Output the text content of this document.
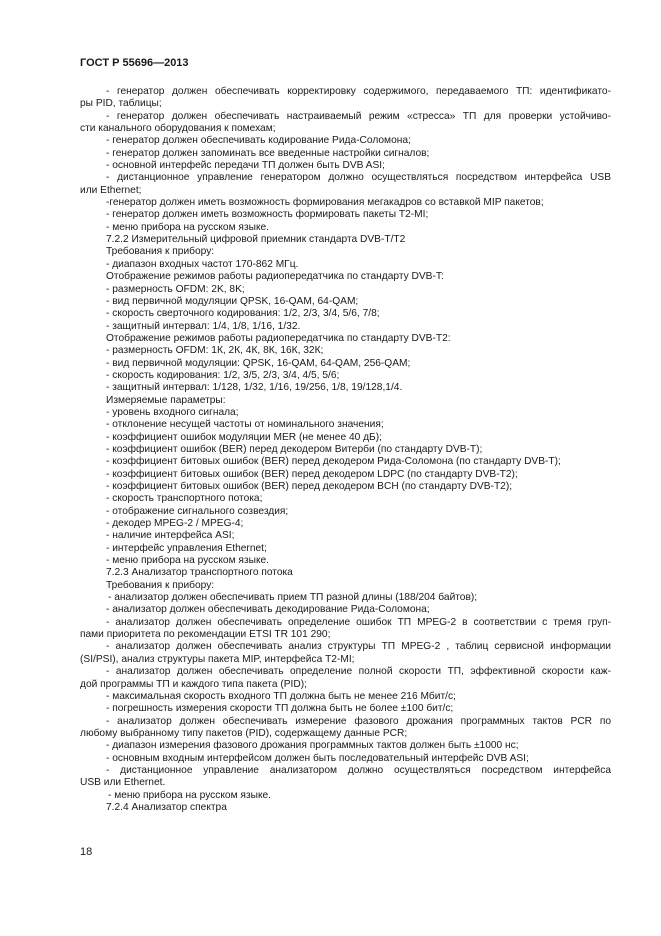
ГОСТ Р 55696—2013
- генератор должен обеспечивать корректировку содержимого, передаваемого ТП: идентификато-
ры PID, таблицы;
- генератор должен обеспечивать настраиваемый режим «стресса» ТП для проверки устойчиво-
сти канального оборудования к помехам;
- генератор должен обеспечивать кодирование Рида-Соломона;
- генератор должен запоминать все введенные настройки сигналов;
- основной интерфейс передачи ТП должен быть DVB ASI;
- дистанционное управление генератором должно осуществляться посредством интерфейса USB
или Ethernet;
-генератор должен иметь возможность формирования мегакадров со вставкой MIP пакетов;
- генератор должен иметь возможность формировать пакеты T2-MI;
- меню прибора на русском языке.
7.2.2 Измерительный цифровой приемник стандарта DVB-T/T2
Требования к прибору:
- диапазон входных частот 170-862 МГц.
Отображение режимов работы радиопередатчика по стандарту DVB-T:
- размерность OFDM: 2K, 8K;
- вид первичной модуляции QPSK, 16-QAM, 64-QAM;
- скорость сверточного кодирования: 1/2, 2/3, 3/4, 5/6, 7/8;
- защитный интервал: 1/4, 1/8, 1/16, 1/32.
Отображение режимов работы радиопередатчика по стандарту DVB-T2:
- размерность OFDM: 1К, 2К, 4К, 8К, 16К, 32К;
- вид первичной модуляции: QPSK, 16-QAM, 64-QAM, 256-QAM;
- скорость кодирования: 1/2, 3/5, 2/3, 3/4, 4/5, 5/6;
- защитный интервал: 1/128, 1/32, 1/16, 19/256, 1/8, 19/128,1/4.
Измеряемые параметры:
- уровень входного сигнала;
- отклонение несущей частоты от номинального значения;
- коэффициент ошибок модуляции MER (не менее 40 дБ);
- коэффициент ошибок (BER) перед декодером Витерби (по стандарту DVB-T);
- коэффициент битовых ошибок (BER) перед декодером Рида-Соломона (по стандарту DVB-T);
- коэффициент битовых ошибок (BER) перед декодером LDPC (по стандарту DVB-T2);
- коэффициент битовых ошибок (BER) перед декодером BCH (по стандарту DVB-T2);
- скорость транспортного потока;
- отображение сигнального созвездия;
- декодер MPEG-2 / MPEG-4;
- наличие интерфейса ASI;
- интерфейс управления Ethernet;
- меню прибора на русском языке.
7.2.3 Анализатор транспортного потока
Требования к прибору:
- анализатор должен обеспечивать прием ТП разной длины (188/204 байтов);
- анализатор должен обеспечивать декодирование Рида-Соломона;
- анализатор должен обеспечивать определение ошибок ТП MPEG-2 в соответствии с тремя груп-
пами приоритета по рекомендации ETSI TR 101 290;
- анализатор должен обеспечивать анализ структуры ТП MPEG-2 , таблиц сервисной информации
(SI/PSI), анализ структуры пакета MIP, интерфейса T2-MI;
- анализатор должен обеспечивать определение полной скорости ТП, эффективной скорости каж-
дой программы ТП и каждого типа пакета (PID);
- максимальная скорость входного ТП должна быть не менее 216 Мбит/с;
- погрешность измерения скорости ТП должна быть не более ±100 бит/с;
- анализатор должен обеспечивать измерение фазового дрожания программных тактов PCR по
любому выбранному типу пакетов (PID), содержащему данные PCR;
- диапазон измерения фазового дрожания программных тактов должен быть ±1000 нс;
- основным входным интерфейсом должен быть последовательный интерфейс DVB ASI;
- дистанционное управление анализатором должно осуществляться посредством интерфейса
USB или Ethernet.
- меню прибора на русском языке.
7.2.4 Анализатор спектра
18
